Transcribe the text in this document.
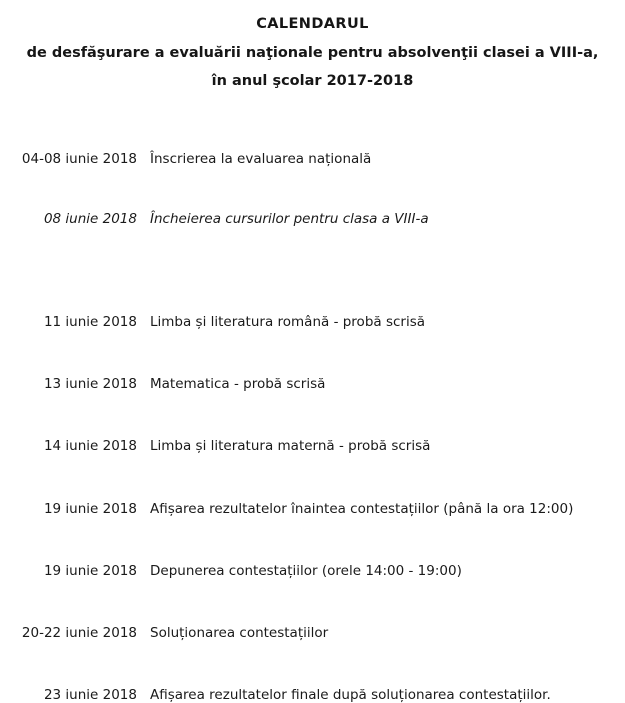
CALENDARUL
de desfăşurare a evaluării naţionale pentru absolvenţii clasei a VIII-a,
în anul şcolar 2017-2018
04-08 iunie 2018		Înscrierea la evaluarea națională

08 iunie 2018		Încheierea cursurilor pentru clasa a VIII-a

11 iunie 2018		Limba și literatura română - probă scrisă

13 iunie 2018		Matematica - probă scrisă

14 iunie 2018		Limba și literatura maternă - probă scrisă

19 iunie 2018		Afișarea rezultatelor înaintea contestațiilor (până la ora 12:00)

19 iunie 2018		Depunerea contestațiilor (orele 14:00 - 19:00)

20-22 iunie 2018		Soluționarea contestațiilor

23 iunie 2018		Afișarea rezultatelor finale după soluționarea contestațiilor.
